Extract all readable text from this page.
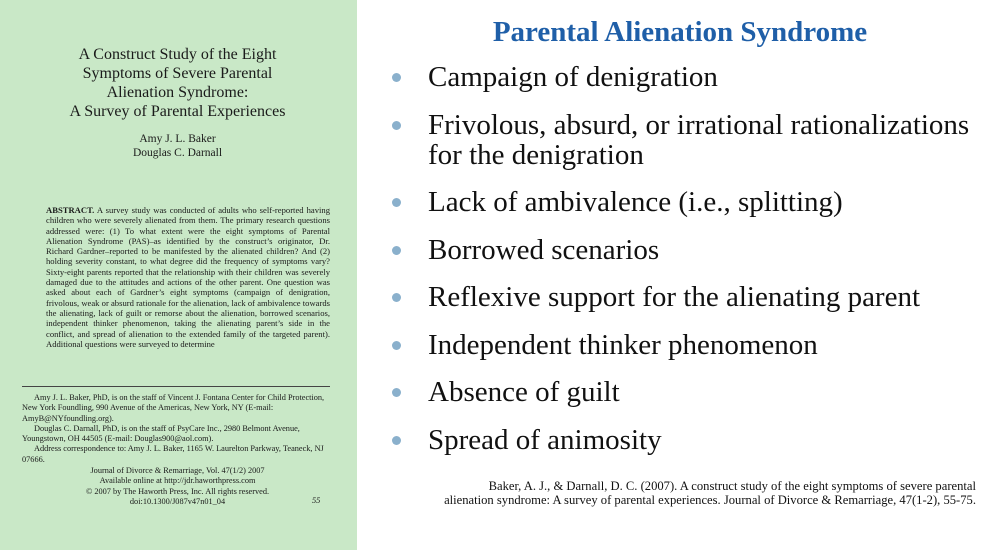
A Construct Study of the Eight
Symptoms of Severe Parental
Alienation Syndrome:
A Survey of Parental Experiences
Amy J. L. Baker
Douglas C. Darnall
ABSTRACT. A survey study was conducted of adults who self-reported having children who were severely alienated from them. The primary research questions addressed were: (1) To what extent were the eight symptoms of Parental Alienation Syndrome (PAS)–as identified by the construct’s originator, Dr. Richard Gardner–reported to be manifested by the alienated children? And (2) holding severity constant, to what degree did the frequency of symptoms vary? Sixty-eight parents reported that the relationship with their children was severely damaged due to the attitudes and actions of the other parent. One question was asked about each of Gardner’s eight symptoms (campaign of denigration, frivolous, weak or absurd rationale for the alienation, lack of ambivalence towards the alienating, lack of guilt or remorse about the alienation, borrowed scenarios, independent thinker phenomenon, taking the alienating parent’s side in the conflict, and spread of alienation to the extended family of the targeted parent). Additional questions were surveyed to determine

Amy J. L. Baker, PhD, is on the staff of Vincent J. Fontana Center for Child Protection, New York Foundling, 990 Avenue of the Americas, New York, NY (E-mail: AmyB@NYfoundling.org).

Douglas C. Darnall, PhD, is on the staff of PsyCare Inc., 2980 Belmont Avenue, Youngstown, OH 44505 (E-mail: Douglas900@aol.com).

Address correspondence to: Amy J. L. Baker, 1165 W. Laurelton Parkway, Teaneck, NJ 07666.

Journal of Divorce & Remarriage, Vol. 47(1/2) 2007
Available online at http://jdr.haworthpress.com
© 2007 by The Haworth Press, Inc. All rights reserved.
doi:10.1300/J087v47n01_04	55
Parental Alienation Syndrome
Campaign of denigration
Frivolous, absurd, or irrational rationalizations for the denigration
Lack of ambivalence (i.e., splitting)
Borrowed scenarios
Reflexive support for the alienating parent
Independent thinker phenomenon
Absence of guilt
Spread of animosity
Baker, A. J., & Darnall, D. C. (2007). A construct study of the eight symptoms of severe parental alienation syndrome: A survey of parental experiences. Journal of Divorce & Remarriage, 47(1-2), 55-75.
